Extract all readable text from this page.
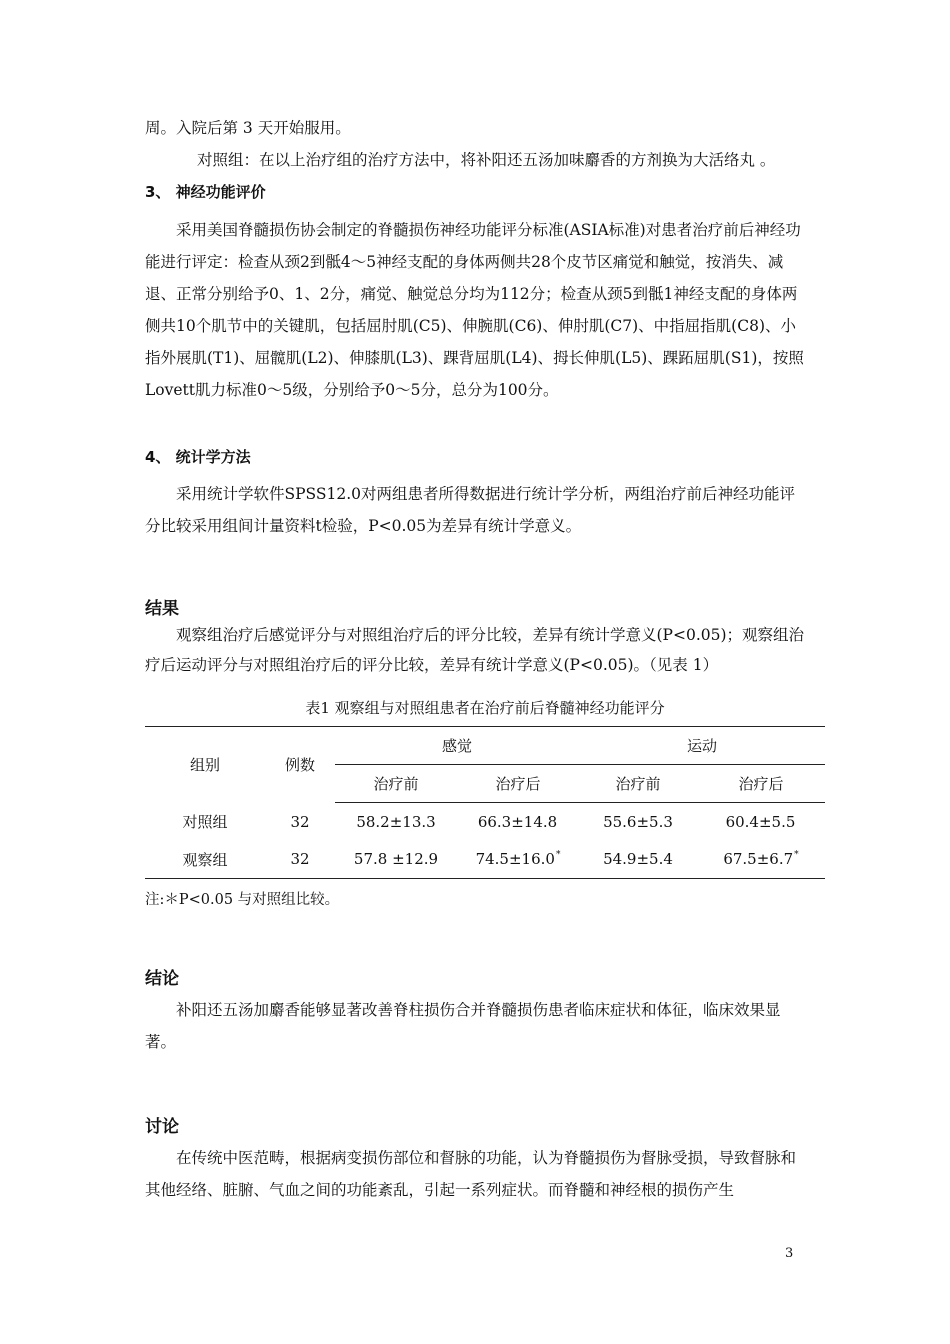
周。入院后第 3 天开始服用。

对照组：在以上治疗组的治疗方法中，将补阳还五汤加味麝香的方剂换为大活络丸 。

3、 神经功能评价

采用美国脊髓损伤协会制定的脊髓损伤神经功能评分标准(ASIA标准)对患者治疗前后神经功能进行评定：检查从颈2到骶4～5神经支配的身体两侧共28个皮节区痛觉和触觉，按消失、减退、正常分别给予0、1、2分，痛觉、触觉总分均为112分；检查从颈5到骶1神经支配的身体两侧共10个肌节中的关键肌，包括屈肘肌(C5)、伸腕肌(C6)、伸肘肌(C7)、中指屈指肌(C8)、小指外展肌(T1)、屈髋肌(L2)、伸膝肌(L3)、踝背屈肌(L4)、拇长伸肌(L5)、踝跖屈肌(S1)，按照Lovett肌力标准0～5级，分别给予0～5分，总分为100分。

4、 统计学方法

采用统计学软件SPSS12.0对两组患者所得数据进行统计学分析，两组治疗前后神经功能评分比较采用组间计量资料t检验，P<0.05为差异有统计学意义。

结果

观察组治疗后感觉评分与对照组治疗后的评分比较，差异有统计学意义(P<0.05)；观察组治疗后运动评分与对照组治疗后的评分比较，差异有统计学意义(P<0.05)。（见表 1）

表1 观察组与对照组患者在治疗前后脊髓神经功能评分
组别	例数	感觉		运动	
		治疗前	治疗后	治疗前	治疗后
对照组	32	58.2±13.3	66.3±14.8	55.6±5.3	60.4±5.5
观察组	32	57.8 ±12.9	74.5±16.0*	54.9±5.4	67.5±6.7*
注:＊P<0.05 与对照组比较。

结论

补阳还五汤加麝香能够显著改善脊柱损伤合并脊髓损伤患者临床症状和体征，临床效果显著。

讨论

在传统中医范畴，根据病变损伤部位和督脉的功能，认为脊髓损伤为督脉受损，导致督脉和其他经络、脏腑、气血之间的功能紊乱，引起一系列症状。而脊髓和神经根的损伤产生

3
